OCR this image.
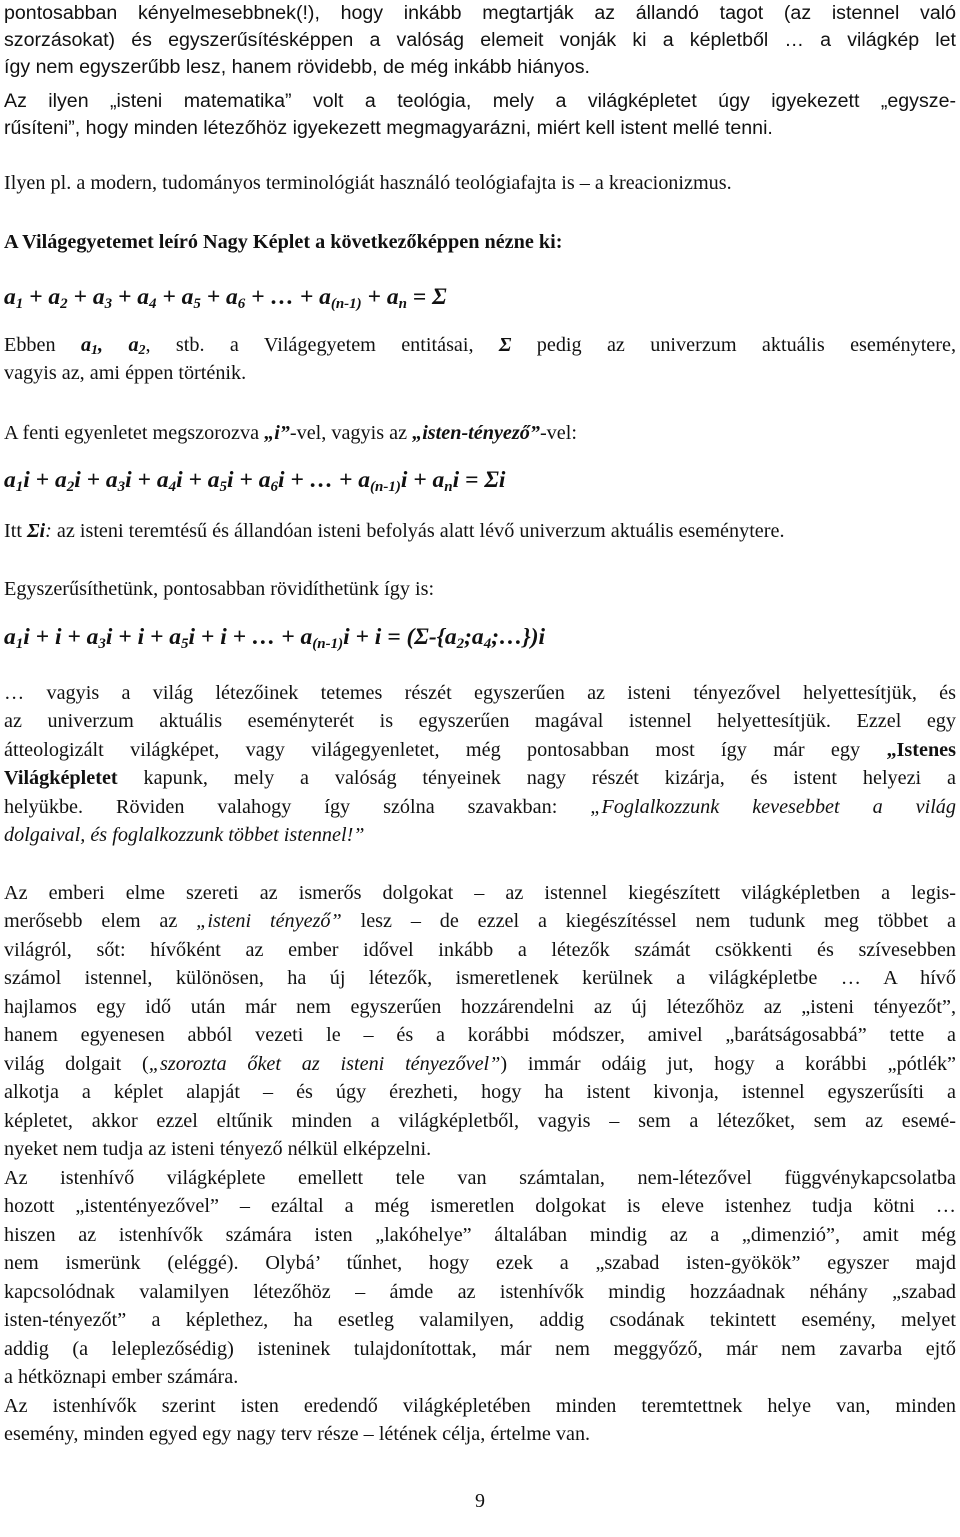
pontosabban kényelmesebbnek(!), hogy inkább megtartják az állandó tagot (az istennel való
szorzásokat) és egyszerűsítésképpen a valóság elemeit vonják ki a képletből … a világkép let
így nem egyszerűbb lesz, hanem rövidebb, de még inkább hiányos.
Az ilyen „isteni matematika” volt a teológia, mely a világképletet úgy igyekezett „egysze-
rűsíteni”, hogy minden létezőhöz igyekezett megmagyarázni, miért kell istent mellé tenni.
Ilyen pl. a modern, tudományos terminológiát használó teológiafajta is – a kreacionizmus.
A Világegyetemet leíró Nagy Képlet a következőképpen nézne ki:
$a_1 + a_2 + a_3 + a_4 + a_5 + a_6$ + … + $a_{(n-1)} + a_n = \Sigma$
Ebben $a_1$, $a_2$, stb. a Világegyetem entitásai, Σ pedig az univerzum aktuális eseménytere,
vagyis az, ami éppen történik.
A fenti egyenletet megszorozva „i”-vel, vagyis az „isten-tényező”-vel:
$a_1i + a_2i + a_3i + a_4i + a_5i + a_6i$ + … + $a_{(n-1)}i + a_ni = \Sigma i$
Itt Σi: az isteni teremtésű és állandóan isteni befolyás alatt lévő univerzum aktuális eseménytere.
Egyszerűsíthetünk, pontosabban rövidíthetünk így is:
$a_1i + i + a_3i + i + a_5i + i$ + … + $a_{(n-1)}i + i$ = $(\Sigma-\{a_2;a_4;\dots\})i$
… vagyis a világ létezőinek tetemes részét egyszerűen az isteni tényezővel helyettesítjük, és
az univerzum aktuális eseményterét is egyszerűen magával istennel helyettesítjük. Ezzel egy
átteologizált világképet, vagy világegyenletet, még pontosabban most így már egy „Istenes
Világképletet kapunk, mely a valóság tényeinek nagy részét kizárja, és istent helyezi a
helyükbe. Röviden valahogy így szólna szavakban: „Foglalkozzunk kevesebbet a világ
dolgaival, és foglalkozzunk többet istennel!”
Az emberi elme szereti az ismerős dolgokat – az istennel kiegészített világképletben a legis-
merősebb elem az „isteni tényező” lesz – de ezzel a kiegészítéssel nem tudunk meg többet a
világról, sőt: hívőként az ember idővel inkább a létezők számát csökkenti és szívesebben
számol istennel, különösen, ha új létezők, ismeretlenek kerülnek a világképletbe … A hívő
hajlamos egy idő után már nem egyszerűen hozzárendelni az új létezőhöz az „isteni tényezőt”,
hanem egyenesen abból vezeti le – és a korábbi módszer, amivel „barátságosabbá” tette a
világ dolgait („szorozta őket az isteni tényezővel”) immár odáig jut, hogy a korábbi „pótlék”
alkotja a képlet alapját – és úgy érezheti, hogy ha istent kivonja, istennel egyszerűsíti a
képletet, akkor ezzel eltűnik minden a világképletből, vagyis – sem a létezőket, sem az eseмé-
nyeket nem tudja az isteni tényező nélkül elképzelni.
Az istenhívő világképlete emellett tele van számtalan, nem-létező​vel függvénykapcsolatba
hozott „istentényezővel” – ezáltal a még ismeretlen dolgokat is eleve istenhez tudja kötni …
hiszen az istenhívők számára isten „lakóhelye” általában mindig az a „dimenzió”, amit még
nem ismerünk (eléggé). Olybá’ tűnhet, hogy ezek a „szabad isten-gyökök” egyszer majd
kapcsolódnak valamilyen létezőhöz – ámde az istenhívők mindig hozzáadnak néhány „szabad
isten-tényezőt” a képlethez, ha esetleg valamilyen, addig csodának tekintett esemény, melyet
addig (a leleplezősédig) isteninek tulajdonítottak, már nem meggyőző, már nem zavarba ejtő
a hétköznapi ember számára.
Az istenhívők szerint isten eredendő világképletében minden teremtettnek helye van, minden
esemény, minden egyed egy nagy terv része – létének célja, értelme van.
9
